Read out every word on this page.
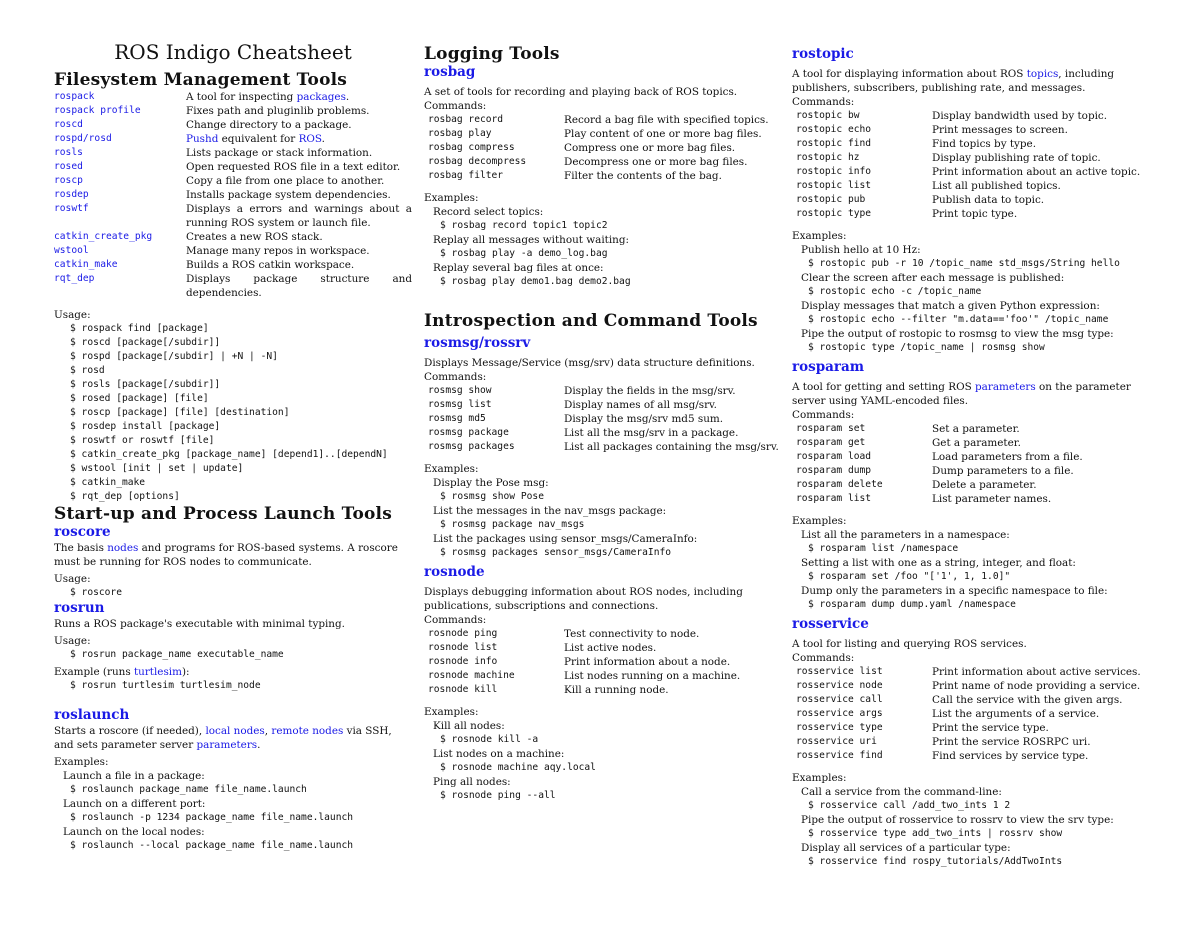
ROS Indigo Cheatsheet
Filesystem Management Tools
rospack	A tool for inspecting packages.
rospack profile	Fixes path and pluginlib problems.
roscd	Change directory to a package.
rospd/rosd	Pushd equivalent for ROS.
rosls	Lists package or stack information.
rosed	Open requested ROS file in a text editor.
roscp	Copy a file from one place to another.
rosdep	Installs package system dependencies.
roswtf	Displays a errors and warnings about a running ROS system or launch file.
catkin_create_pkg	Creates a new ROS stack.
wstool	Manage many repos in workspace.
catkin_make	Builds a ROS catkin workspace.
rqt_dep	Displays package structure and dependencies.
Usage:
$ rospack find [package]
$ roscd [package[/subdir]]
$ rospd [package[/subdir] | +N | -N]
$ rosd
$ rosls [package[/subdir]]
$ rosed [package] [file]
$ roscp [package] [file] [destination]
$ rosdep install [package]
$ roswtf or roswtf [file]
$ catkin_create_pkg [package_name] [depend1]..[dependN]
$ wstool [init | set | update]
$ catkin_make
$ rqt_dep [options]
Start-up and Process Launch Tools
roscore
The basis nodes and programs for ROS-based systems. A roscore must be running for ROS nodes to communicate.
Usage:
$ roscore
rosrun
Runs a ROS package's executable with minimal typing.
Usage:
$ rosrun package_name executable_name
Example (runs turtlesim):
$ rosrun turtlesim turtlesim_node
roslaunch
Starts a roscore (if needed), local nodes, remote nodes via SSH, and sets parameter server parameters.
Examples:
Launch a file in a package:
$ roslaunch package_name file_name.launch
Launch on a different port:
$ roslaunch -p 1234 package_name file_name.launch
Launch on the local nodes:
$ roslaunch --local package_name file_name.launch
Logging Tools
rosbag
A set of tools for recording and playing back of ROS topics.
Commands:
rosbag record	Record a bag file with specified topics.
rosbag play	Play content of one or more bag files.
rosbag compress	Compress one or more bag files.
rosbag decompress	Decompress one or more bag files.
rosbag filter	Filter the contents of the bag.
Examples:
Record select topics:
$ rosbag record topic1 topic2
Replay all messages without waiting:
$ rosbag play -a demo_log.bag
Replay several bag files at once:
$ rosbag play demo1.bag demo2.bag
Introspection and Command Tools
rosmsg/rossrv
Displays Message/Service (msg/srv) data structure definitions.
Commands:
rosmsg show	Display the fields in the msg/srv.
rosmsg list	Display names of all msg/srv.
rosmsg md5	Display the msg/srv md5 sum.
rosmsg package	List all the msg/srv in a package.
rosmsg packages	List all packages containing the msg/srv.
Examples:
Display the Pose msg:
$ rosmsg show Pose
List the messages in the nav_msgs package:
$ rosmsg package nav_msgs
List the packages using sensor_msgs/CameraInfo:
$ rosmsg packages sensor_msgs/CameraInfo
rosnode
Displays debugging information about ROS nodes, including publications, subscriptions and connections.
Commands:
rosnode ping	Test connectivity to node.
rosnode list	List active nodes.
rosnode info	Print information about a node.
rosnode machine	List nodes running on a machine.
rosnode kill	Kill a running node.
Examples:
Kill all nodes:
$ rosnode kill -a
List nodes on a machine:
$ rosnode machine aqy.local
Ping all nodes:
$ rosnode ping --all
rostopic
A tool for displaying information about ROS topics, including publishers, subscribers, publishing rate, and messages.
Commands:
rostopic bw	Display bandwidth used by topic.
rostopic echo	Print messages to screen.
rostopic find	Find topics by type.
rostopic hz	Display publishing rate of topic.
rostopic info	Print information about an active topic.
rostopic list	List all published topics.
rostopic pub	Publish data to topic.
rostopic type	Print topic type.
Examples:
Publish hello at 10 Hz:
$ rostopic pub -r 10 /topic_name std_msgs/String hello
Clear the screen after each message is published:
$ rostopic echo -c /topic_name
Display messages that match a given Python expression:
$ rostopic echo --filter "m.data=='foo'" /topic_name
Pipe the output of rostopic to rosmsg to view the msg type:
$ rostopic type /topic_name | rosmsg show
rosparam
A tool for getting and setting ROS parameters on the parameter server using YAML-encoded files.
Commands:
rosparam set	Set a parameter.
rosparam get	Get a parameter.
rosparam load	Load parameters from a file.
rosparam dump	Dump parameters to a file.
rosparam delete	Delete a parameter.
rosparam list	List parameter names.
Examples:
List all the parameters in a namespace:
$ rosparam list /namespace
Setting a list with one as a string, integer, and float:
$ rosparam set /foo "['1', 1, 1.0]"
Dump only the parameters in a specific namespace to file:
$ rosparam dump dump.yaml /namespace
rosservice
A tool for listing and querying ROS services.
Commands:
rosservice list	Print information about active services.
rosservice node	Print name of node providing a service.
rosservice call	Call the service with the given args.
rosservice args	List the arguments of a service.
rosservice type	Print the service type.
rosservice uri	Print the service ROSRPC uri.
rosservice find	Find services by service type.
Examples:
Call a service from the command-line:
$ rosservice call /add_two_ints 1 2
Pipe the output of rosservice to rossrv to view the srv type:
$ rosservice type add_two_ints | rossrv show
Display all services of a particular type:
$ rosservice find rospy_tutorials/AddTwoInts
